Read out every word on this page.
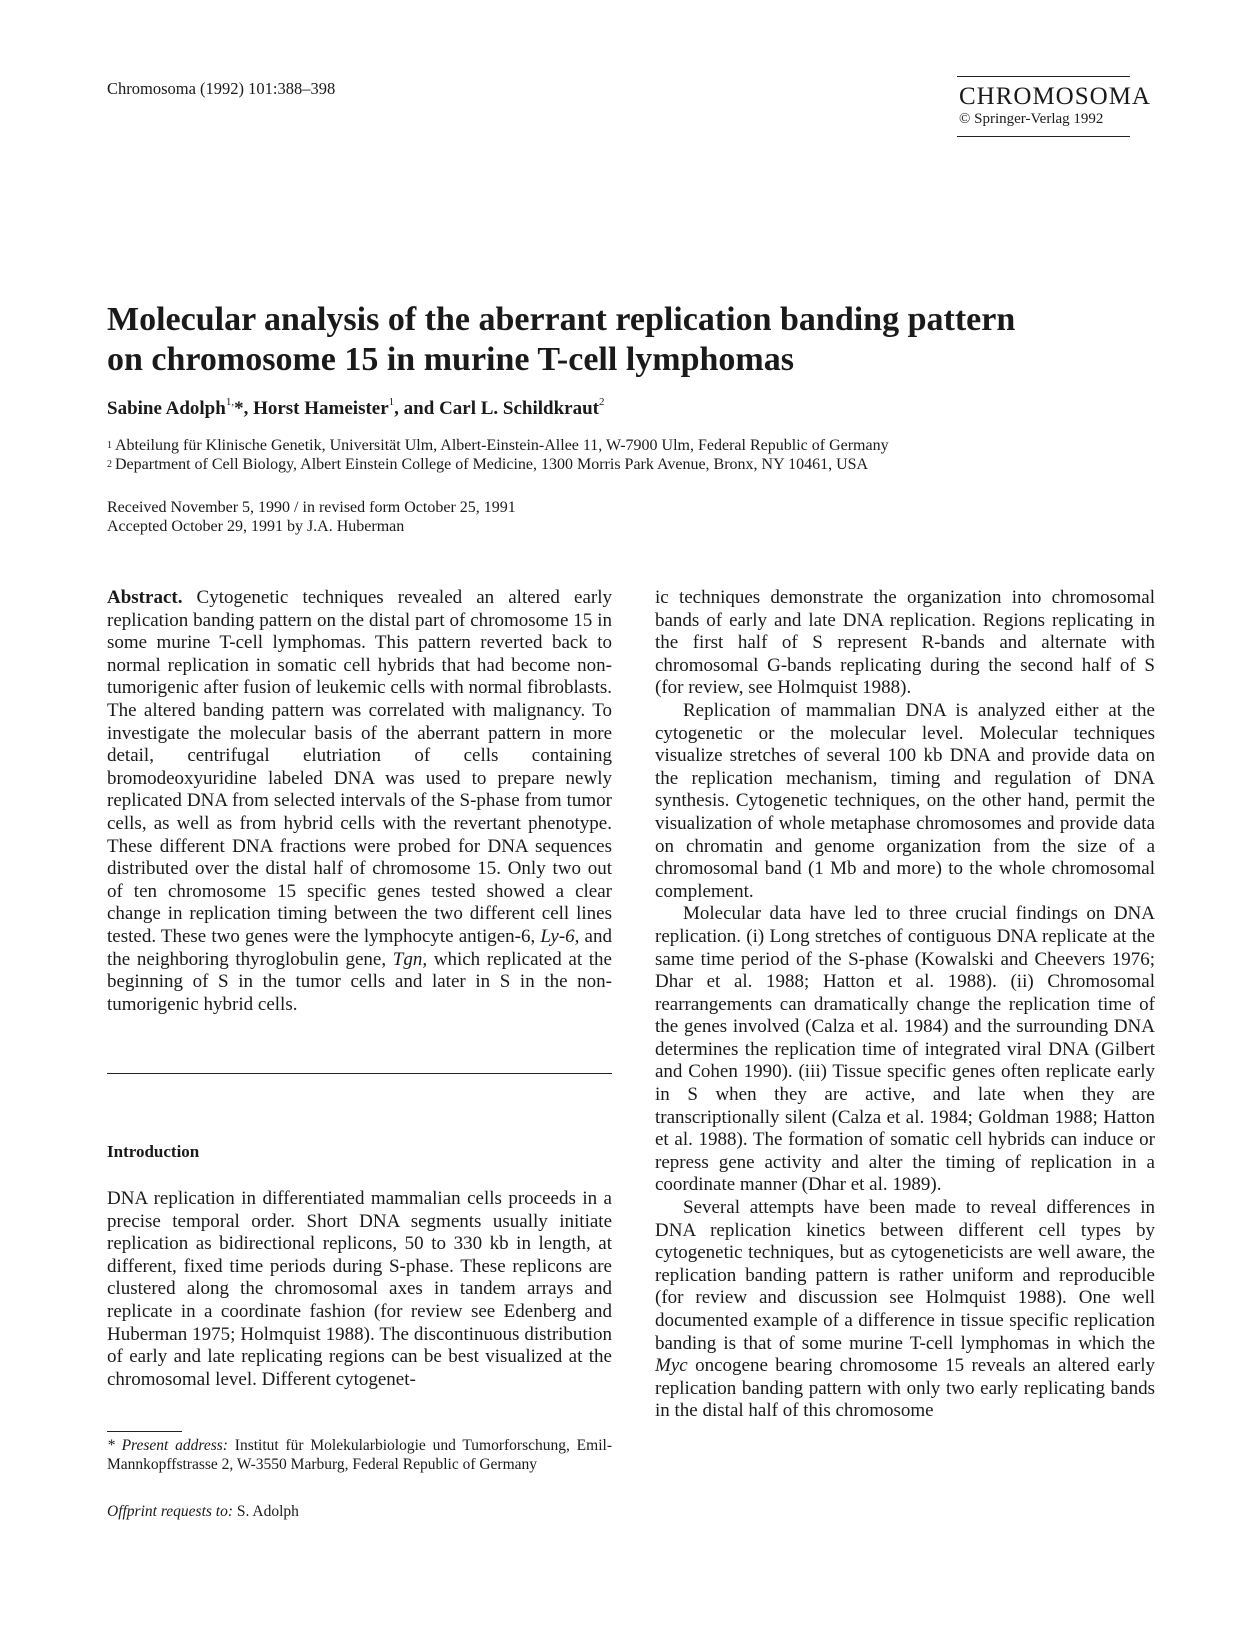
Chromosoma (1992) 101:388–398	CHROMOSOMA
© Springer-Verlag 1992
Molecular analysis of the aberrant replication banding pattern
on chromosome 15 in murine T-cell lymphomas
Sabine Adolph$^{1,}$*, Horst Hameister$^1$, and Carl L. Schildkraut$^2$
$^1$ Abteilung für Klinische Genetik, Universität Ulm, Albert-Einstein-Allee 11, W-7900 Ulm, Federal Republic of Germany
$^2$ Department of Cell Biology, Albert Einstein College of Medicine, 1300 Morris Park Avenue, Bronx, NY 10461, USA
Received November 5, 1990 / in revised form October 25, 1991
Accepted October 29, 1991 by J.A. Huberman

Abstract. Cytogenetic techniques revealed an altered early replication banding pattern on the distal part of chromosome 15 in some murine T-cell lymphomas. This pattern reverted back to normal replication in somatic cell hybrids that had become non-tumorigenic after fusion of leukemic cells with normal fibroblasts. The altered banding pattern was correlated with malignancy. To investigate the molecular basis of the aberrant pattern in more detail, centrifugal elutriation of cells containing bromodeoxyuridine labeled DNA was used to prepare newly replicated DNA from selected intervals of the S-phase from tumor cells, as well as from hybrid cells with the revertant phenotype. These different DNA fractions were probed for DNA sequences distributed over the distal half of chromosome 15. Only two out of ten chromosome 15 specific genes tested showed a clear change in replication timing between the two different cell lines tested. These two genes were the lymphocyte antigen-6, Ly-6, and the neighboring thyroglobulin gene, Tgn, which replicated at the beginning of S in the tumor cells and later in S in the non-tumorigenic hybrid cells.

Introduction

DNA replication in differentiated mammalian cells proceeds in a precise temporal order. Short DNA segments usually initiate replication as bidirectional replicons, 50 to 330 kb in length, at different, fixed time periods during S-phase. These replicons are clustered along the chromosomal axes in tandem arrays and replicate in a coordinate fashion (for review see Edenberg and Huberman 1975; Holmquist 1988). The discontinuous distribution of early and late replicating regions can be best visualized at the chromosomal level. Different cytogenet-

* Present address: Institut für Molekularbiologie und Tumorforschung, Emil-Mannkopffstrasse 2, W-3550 Marburg, Federal Republic of Germany
Offprint requests to: S. Adolph

ic techniques demonstrate the organization into chromosomal bands of early and late DNA replication. Regions replicating in the first half of S represent R-bands and alternate with chromosomal G-bands replicating during the second half of S (for review, see Holmquist 1988).

Replication of mammalian DNA is analyzed either at the cytogenetic or the molecular level. Molecular techniques visualize stretches of several 100 kb DNA and provide data on the replication mechanism, timing and regulation of DNA synthesis. Cytogenetic techniques, on the other hand, permit the visualization of whole metaphase chromosomes and provide data on chromatin and genome organization from the size of a chromosomal band (1 Mb and more) to the whole chromosomal complement.

Molecular data have led to three crucial findings on DNA replication. (i) Long stretches of contiguous DNA replicate at the same time period of the S-phase (Kowalski and Cheevers 1976; Dhar et al. 1988; Hatton et al. 1988). (ii) Chromosomal rearrangements can dramatically change the replication time of the genes involved (Calza et al. 1984) and the surrounding DNA determines the replication time of integrated viral DNA (Gilbert and Cohen 1990). (iii) Tissue specific genes often replicate early in S when they are active, and late when they are transcriptionally silent (Calza et al. 1984; Goldman 1988; Hatton et al. 1988). The formation of somatic cell hybrids can induce or repress gene activity and alter the timing of replication in a coordinate manner (Dhar et al. 1989).

Several attempts have been made to reveal differences in DNA replication kinetics between different cell types by cytogenetic techniques, but as cytogeneticists are well aware, the replication banding pattern is rather uniform and reproducible (for review and discussion see Holmquist 1988). One well documented example of a difference in tissue specific replication banding is that of some murine T-cell lymphomas in which the Myc oncogene bearing chromosome 15 reveals an altered early replication banding pattern with only two early replicating bands in the distal half of this chromosome
